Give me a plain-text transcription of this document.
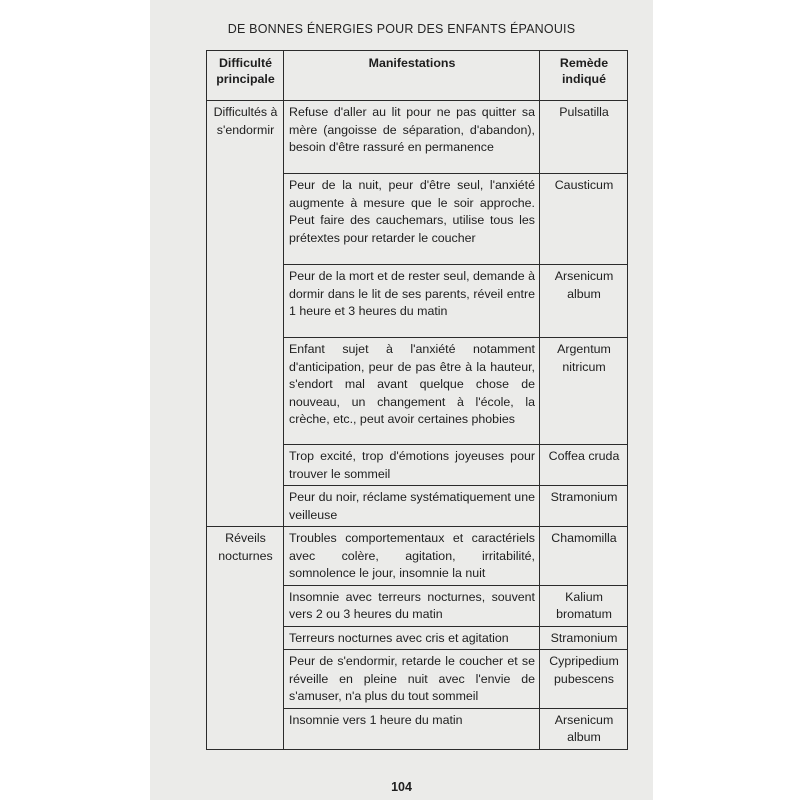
DE BONNES ÉNERGIES POUR DES ENFANTS ÉPANOUIS
Difficulté principale	Manifestations	Remède indiqué
Difficultés à s'endormir	Refuse d'aller au lit pour ne pas quitter sa mère (angoisse de séparation, d'abandon), besoin d'être rassuré en permanence	Pulsatilla
	Peur de la nuit, peur d'être seul, l'anxiété augmente à mesure que le soir approche. Peut faire des cauchemars, utilise tous les prétextes pour retarder le coucher	Causticum
	Peur de la mort et de rester seul, demande à dormir dans le lit de ses parents, réveil entre 1 heure et 3 heures du matin	Arsenicum album
	Enfant sujet à l'anxiété notamment d'anticipation, peur de pas être à la hauteur, s'endort mal avant quelque chose de nouveau, un changement à l'école, la crèche, etc., peut avoir certaines phobies	Argentum nitricum
	Trop excité, trop d'émotions joyeuses pour trouver le sommeil	Coffea cruda
	Peur du noir, réclame systématiquement une veilleuse	Stramonium
Réveils nocturnes	Troubles comportementaux et caractériels avec colère, agitation, irritabilité, somnolence le jour, insomnie la nuit	Chamomilla
	Insomnie avec terreurs nocturnes, souvent vers 2 ou 3 heures du matin	Kalium bromatum
	Terreurs nocturnes avec cris et agitation	Stramonium
	Peur de s'endormir, retarde le coucher et se réveille en pleine nuit avec l'envie de s'amuser, n'a plus du tout sommeil	Cypripedium pubescens
	Insomnie vers 1 heure du matin	Arsenicum album
104
